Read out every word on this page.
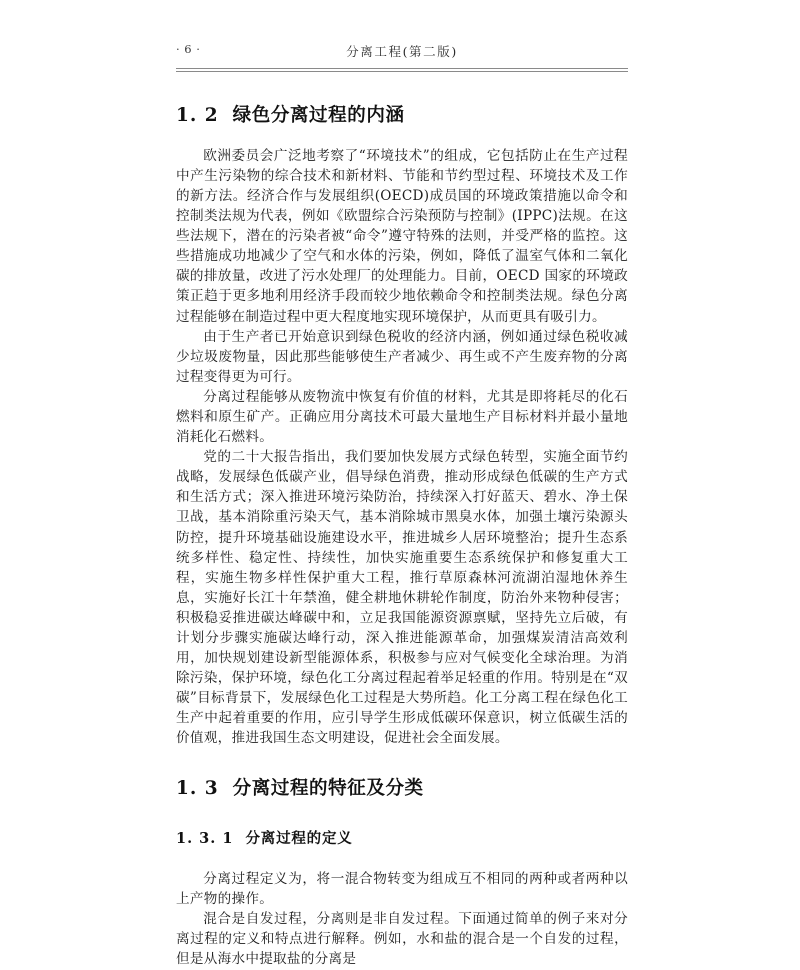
· 6 ·	分离工程(第二版)
1. 2 绿色分离过程的内涵

欧洲委员会广泛地考察了“环境技术”的组成，它包括防止在生产过程中产生污染物的综合技术和新材料、节能和节约型过程、环境技术及工作的新方法。经济合作与发展组织(OECD)成员国的环境政策措施以命令和控制类法规为代表，例如《欧盟综合污染预防与控制》(IPPC)法规。在这些法规下，潜在的污染者被“命令”遵守特殊的法则，并受严格的监控。这些措施成功地减少了空气和水体的污染，例如，降低了温室气体和二氧化碳的排放量，改进了污水处理厂的处理能力。目前，OECD 国家的环境政策正趋于更多地利用经济手段而较少地依赖命令和控制类法规。绿色分离过程能够在制造过程中更大程度地实现环境保护，从而更具有吸引力。

由于生产者已开始意识到绿色税收的经济内涵，例如通过绿色税收减少垃圾废物量，因此那些能够使生产者减少、再生或不产生废弃物的分离过程变得更为可行。

分离过程能够从废物流中恢复有价值的材料，尤其是即将耗尽的化石燃料和原生矿产。正确应用分离技术可最大量地生产目标材料并最小量地消耗化石燃料。

党的二十大报告指出，我们要加快发展方式绿色转型，实施全面节约战略，发展绿色低碳产业，倡导绿色消费，推动形成绿色低碳的生产方式和生活方式；深入推进环境污染防治，持续深入打好蓝天、碧水、净土保卫战，基本消除重污染天气，基本消除城市黑臭水体，加强土壤污染源头防控，提升环境基础设施建设水平，推进城乡人居环境整治；提升生态系统多样性、稳定性、持续性，加快实施重要生态系统保护和修复重大工程，实施生物多样性保护重大工程，推行草原森林河流湖泊湿地休养生息，实施好长江十年禁渔，健全耕地休耕轮作制度，防治外来物种侵害；积极稳妥推进碳达峰碳中和，立足我国能源资源禀赋，坚持先立后破，有计划分步骤实施碳达峰行动，深入推进能源革命，加强煤炭清洁高效利用，加快规划建设新型能源体系，积极参与应对气候变化全球治理。为消除污染，保护环境，绿色化工分离过程起着举足轻重的作用。特别是在“双碳”目标背景下，发展绿色化工过程是大势所趋。化工分离工程在绿色化工生产中起着重要的作用，应引导学生形成低碳环保意识，树立低碳生活的价值观，推进我国生态文明建设，促进社会全面发展。

1. 3 分离过程的特征及分类
1. 3. 1 分离过程的定义

分离过程定义为，将一混合物转变为组成互不相同的两种或者两种以上产物的操作。

混合是自发过程，分离则是非自发过程。下面通过简单的例子来对分离过程的定义和特点进行解释。例如，水和盐的混合是一个自发的过程，但是从海水中提取盐的分离是
